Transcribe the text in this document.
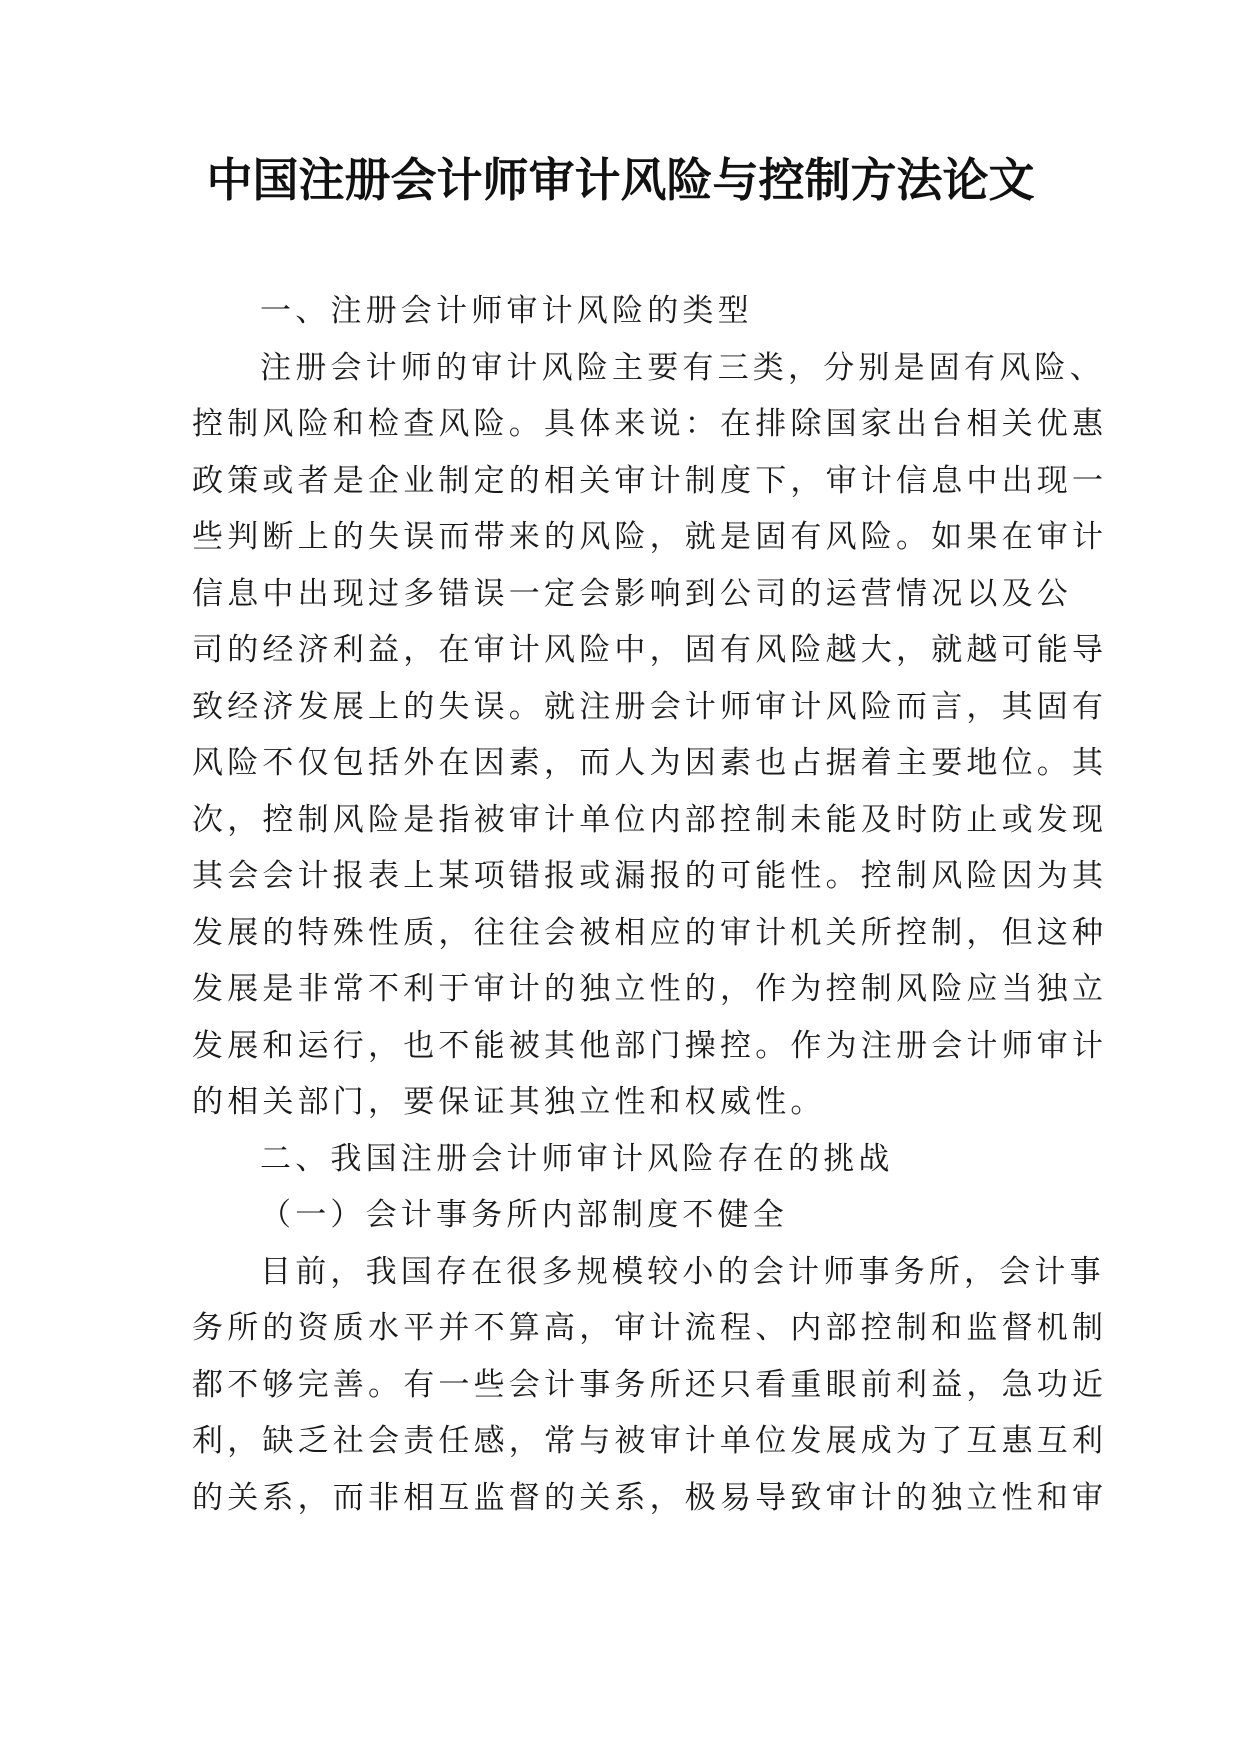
中国注册会计师审计风险与控制方法论文
一、注册会计师审计风险的类型
注册会计师的审计风险主要有三类，分别是固有风险、
控制风险和检查风险。具体来说：在排除国家出台相关优惠
政策或者是企业制定的相关审计制度下，审计信息中出现一
些判断上的失误而带来的风险，就是固有风险。如果在审计
信息中出现过多错误一定会影响到公司的运营情况以及公
司的经济利益，在审计风险中，固有风险越大，就越可能导
致经济发展上的失误。就注册会计师审计风险而言，其固有
风险不仅包括外在因素，而人为因素也占据着主要地位。其
次，控制风险是指被审计单位内部控制未能及时防止或发现
其会会计报表上某项错报或漏报的可能性。控制风险因为其
发展的特殊性质，往往会被相应的审计机关所控制，但这种
发展是非常不利于审计的独立性的，作为控制风险应当独立
发展和运行，也不能被其他部门操控。作为注册会计师审计
的相关部门，要保证其独立性和权威性。
二、我国注册会计师审计风险存在的挑战
（一）会计事务所内部制度不健全
目前，我国存在很多规模较小的会计师事务所，会计事
务所的资质水平并不算高，审计流程、内部控制和监督机制
都不够完善。有一些会计事务所还只看重眼前利益，急功近
利，缺乏社会责任感，常与被审计单位发展成为了互惠互利
的关系，而非相互监督的关系，极易导致审计的独立性和审
